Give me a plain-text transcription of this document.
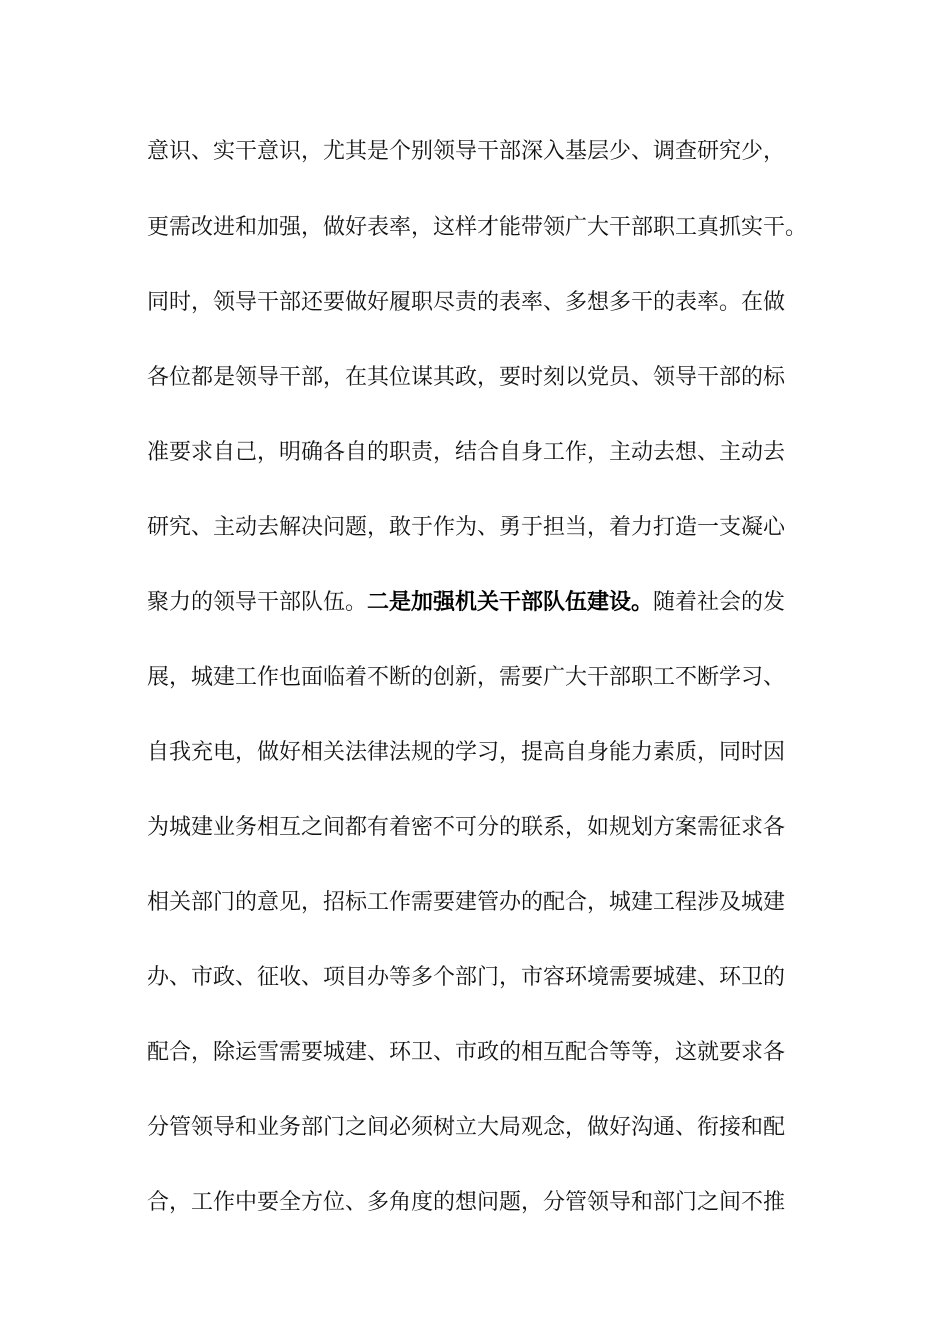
意识、实干意识，尤其是个别领导干部深入基层少、调查研究少，
更需改进和加强，做好表率，这样才能带领广大干部职工真抓实干。
同时，领导干部还要做好履职尽责的表率、多想多干的表率。在做
各位都是领导干部，在其位谋其政，要时刻以党员、领导干部的标
准要求自己，明确各自的职责，结合自身工作，主动去想、主动去
研究、主动去解决问题，敢于作为、勇于担当，着力打造一支凝心
聚力的领导干部队伍。二是加强机关干部队伍建设。随着社会的发
展，城建工作也面临着不断的创新，需要广大干部职工不断学习、
自我充电，做好相关法律法规的学习，提高自身能力素质，同时因
为城建业务相互之间都有着密不可分的联系，如规划方案需征求各
相关部门的意见，招标工作需要建管办的配合，城建工程涉及城建
办、市政、征收、项目办等多个部门，市容环境需要城建、环卫的
配合，除运雪需要城建、环卫、市政的相互配合等等，这就要求各
分管领导和业务部门之间必须树立大局观念，做好沟通、衔接和配
合，工作中要全方位、多角度的想问题，分管领导和部门之间不推
